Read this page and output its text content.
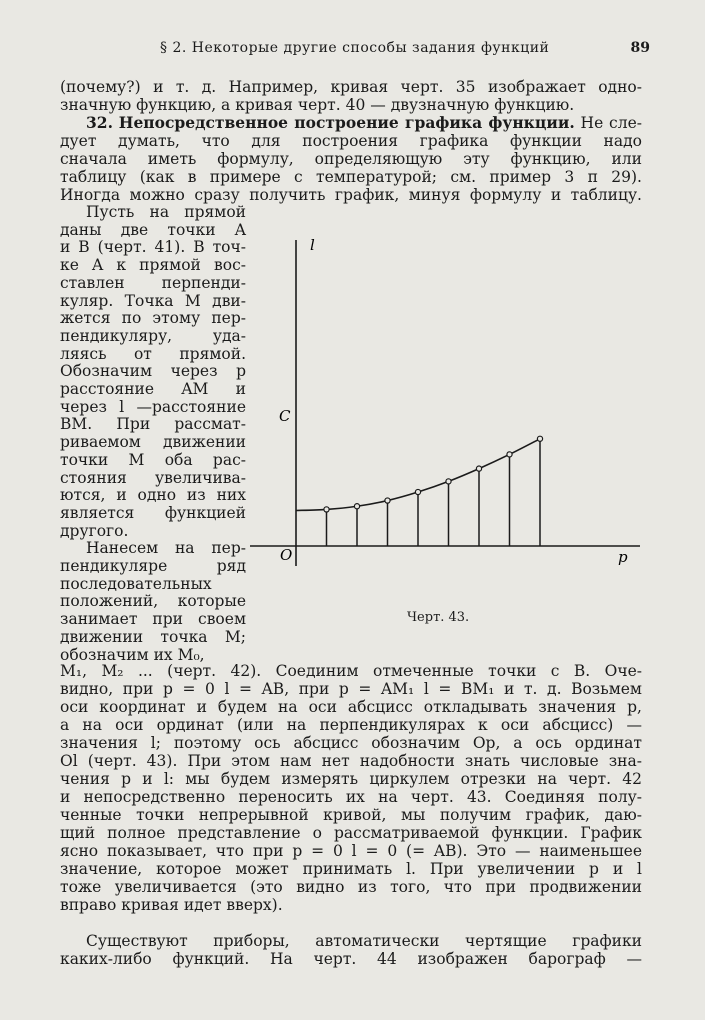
§ 2. Некоторые другие способы задания функций	89
(почему?) и т. д. Например, кривая черт. 35 изображает одно-
значную функцию, а кривая черт. 40 — двузначную функцию.
32. Непосредственное построение графика функции. Не сле-
дует думать, что для построения графика функции надо
сначала иметь формулу, определяющую эту функцию, или
таблицу (как в примере с температурой; см. пример 3 п 29).
Иногда можно сразу получить график, минуя формулу и таблицу.
Пусть на прямой
даны две точки A
и B (черт. 41). В точ-
ке A к прямой вос-
ставлен перпенди-
куляр. Точка M дви-
жется по этому пер-
пендикуляру, уда-
ляясь от прямой.
Обозначим через p
расстояние AM и
через l —расстояние
BM. При рассмат-
риваемом движении
точки M оба рас-
стояния увеличива-
ются, и одно из них
является функцией
другого.
Нанесем на пер-
пендикуляре ряд
последовательных
положений, которые
занимает при своем
движении точка M;
обозначим их M₀,
l
p
O
C
Черт. 43.
M₁, M₂ ... (черт. 42). Соединим отмеченные точки с B. Оче-
видно, при p = 0 l = AB, при p = AM₁ l = BM₁ и т. д. Возьмем
оси координат и будем на оси абсцисс откладывать значения p,
а на оси ординат (или на перпендикулярах к оси абсцисс) —
значения l; поэтому ось абсцисс обозначим Op, а ось ординат
Ol (черт. 43). При этом нам нет надобности знать числовые зна-
чения p и l: мы будем измерять циркулем отрезки на черт. 42
и непосредственно переносить их на черт. 43. Соединяя полу-
ченные точки непрерывной кривой, мы получим график, даю-
щий полное представление о рассматриваемой функции. График
ясно показывает, что при p = 0 l = 0 (= AB). Это — наименьшее
значение, которое может принимать l. При увеличении p и l
тоже увеличивается (это видно из того, что при продвижении
вправо кривая идет вверх).
Существуют приборы, автоматически чертящие графики
каких-либо функций. На черт. 44 изображен барограф —
